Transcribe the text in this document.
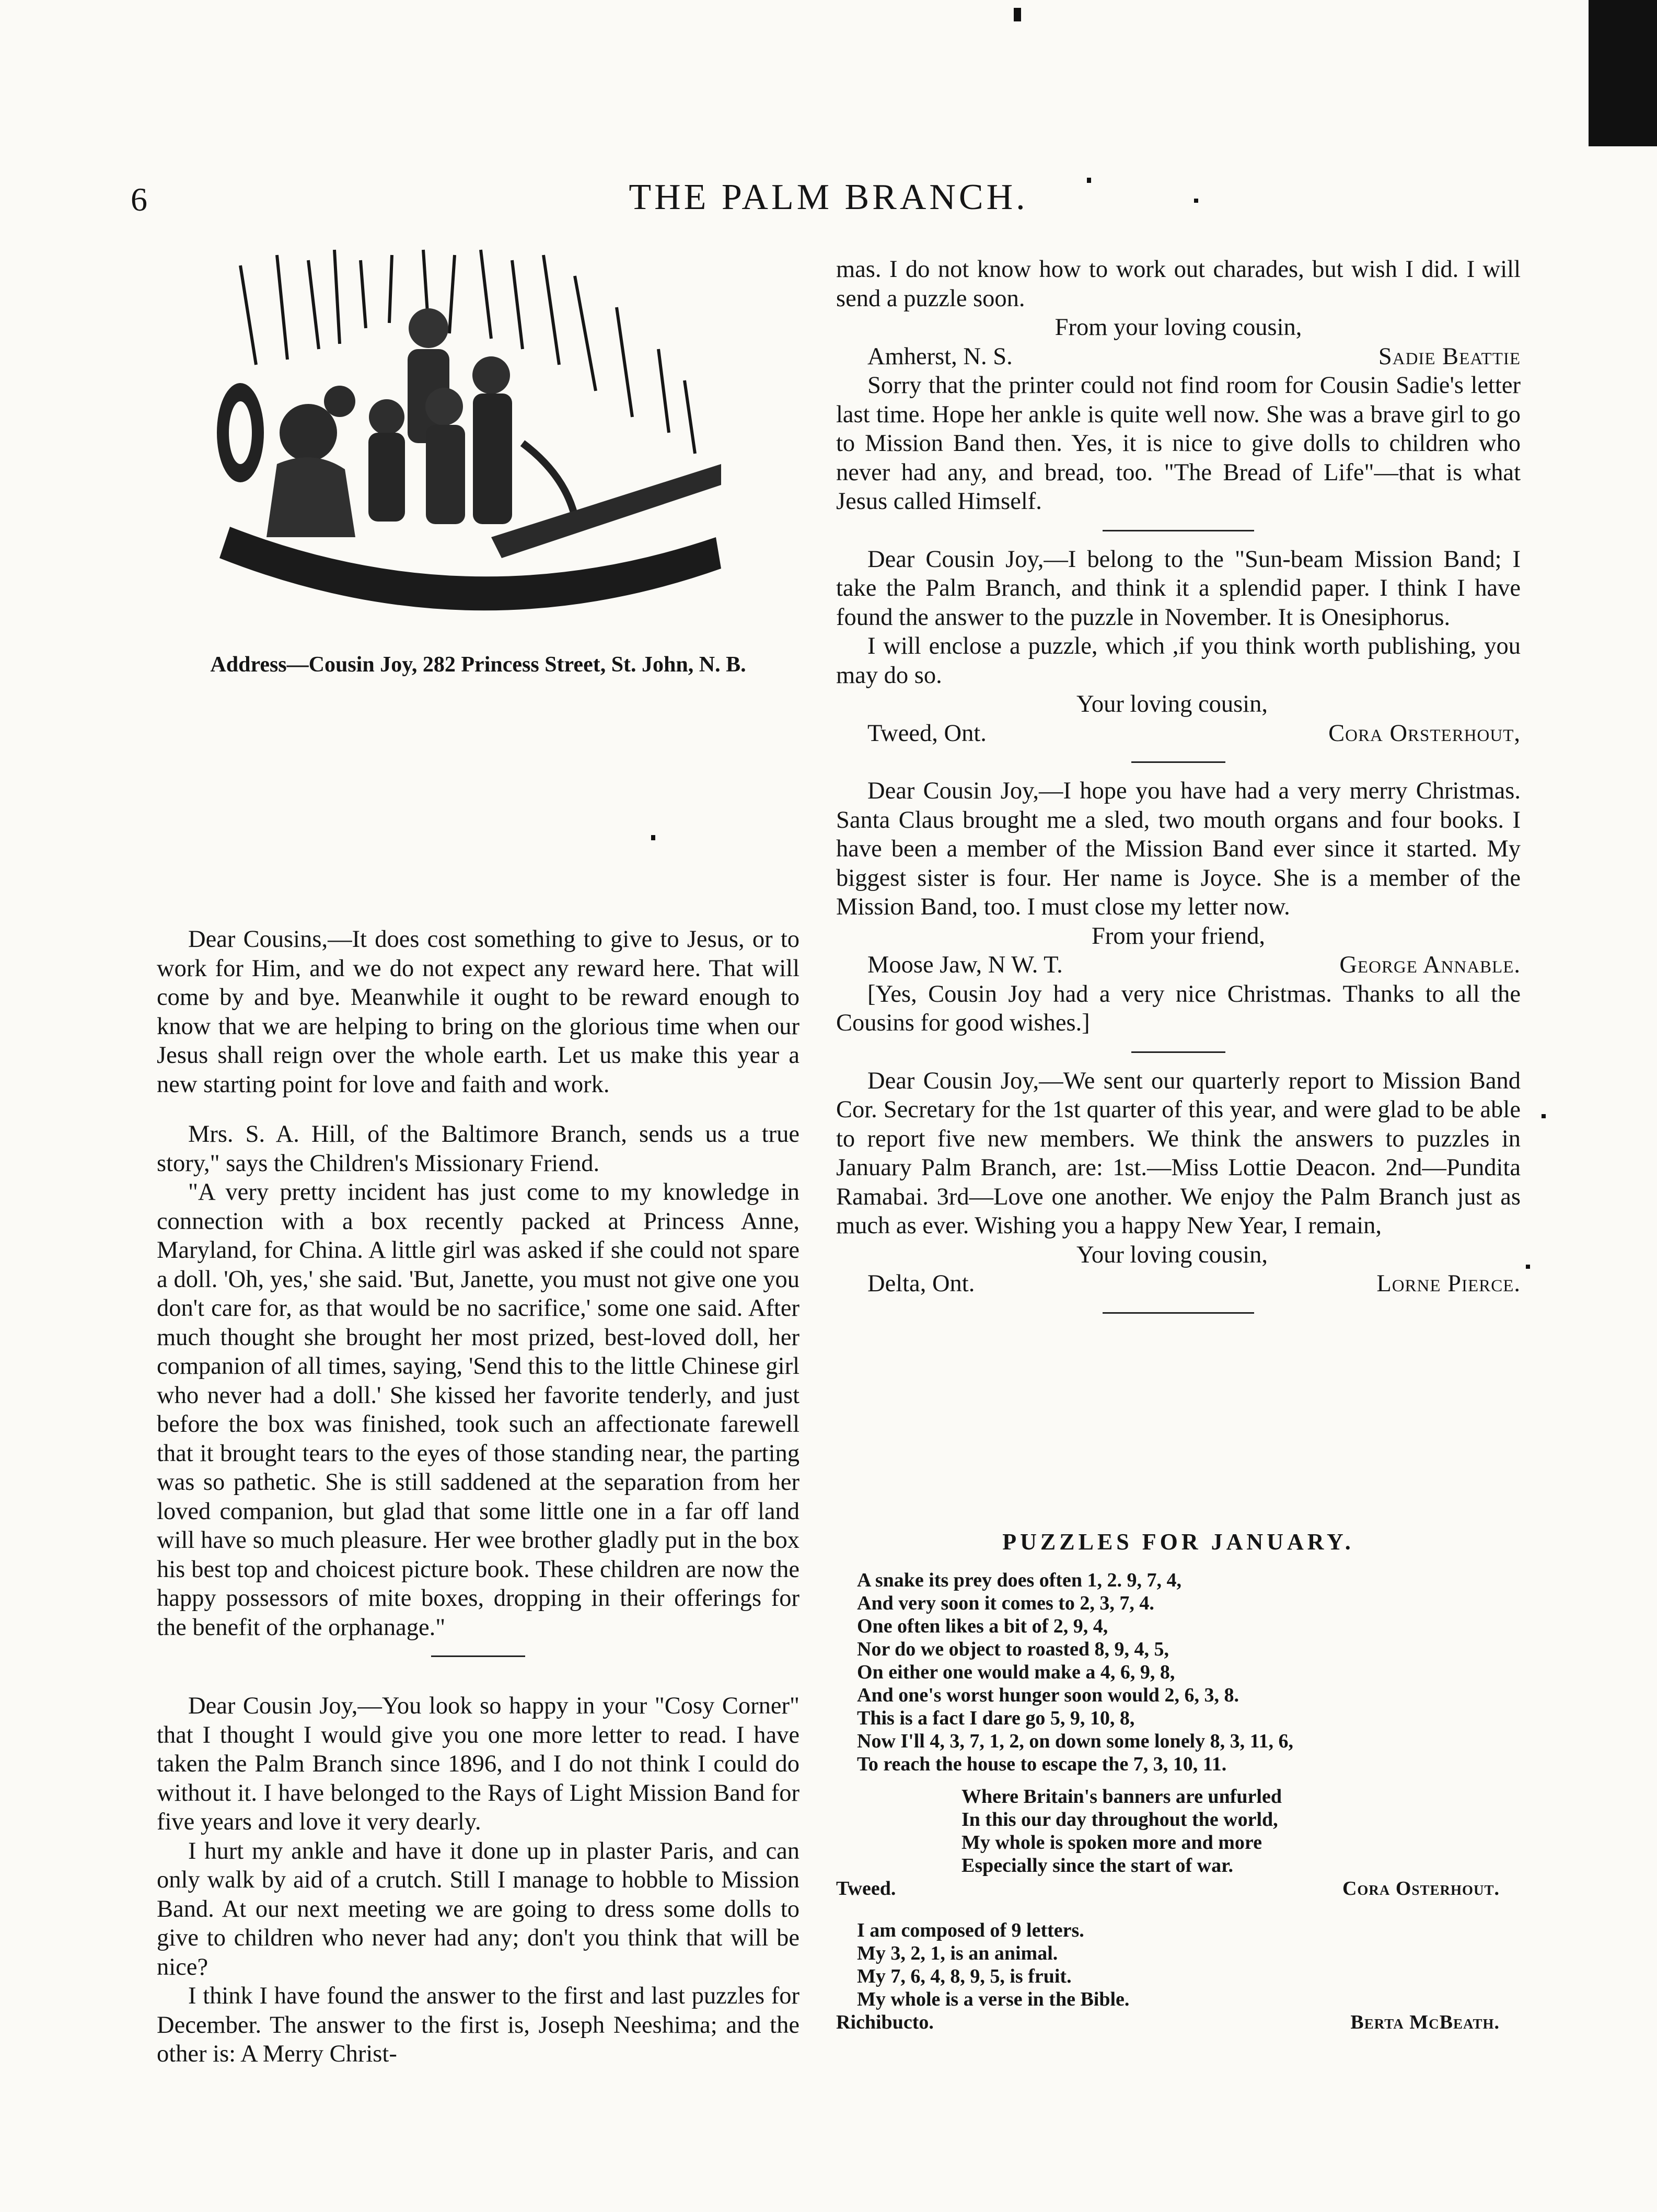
6	THE PALM BRANCH.
Address—Cousin Joy, 282 Princess Street, St. John, N. B.

Dear Cousins,—It does cost something to give to Jesus, or to work for Him, and we do not expect any reward here. That will come by and bye. Meanwhile it ought to be reward enough to know that we are helping to bring on the glorious time when our Jesus shall reign over the whole earth. Let us make this year a new starting point for love and faith and work.

Mrs. S. A. Hill, of the Baltimore Branch, sends us a true story," says the Children's Missionary Friend.

"A very pretty incident has just come to my knowledge in connection with a box recently packed at Princess Anne, Maryland, for China. A little girl was asked if she could not spare a doll. 'Oh, yes,' she said. 'But, Janette, you must not give one you don't care for, as that would be no sacrifice,' some one said. After much thought she brought her most prized, best-loved doll, her companion of all times, saying, 'Send this to the little Chinese girl who never had a doll.' She kissed her favorite tenderly, and just before the box was finished, took such an affectionate farewell that it brought tears to the eyes of those standing near, the parting was so pathetic. She is still saddened at the separation from her loved companion, but glad that some little one in a far off land will have so much pleasure. Her wee brother gladly put in the box his best top and choicest picture book. These children are now the happy possessors of mite boxes, dropping in their offerings for the benefit of the orphanage."

Dear Cousin Joy,—You look so happy in your "Cosy Corner" that I thought I would give you one more letter to read. I have taken the Palm Branch since 1896, and I do not think I could do without it. I have belonged to the Rays of Light Mission Band for five years and love it very dearly.

I hurt my ankle and have it done up in plaster Paris, and can only walk by aid of a crutch. Still I manage to hobble to Mission Band. At our next meeting we are going to dress some dolls to give to children who never had any; don't you think that will be nice?

I think I have found the answer to the first and last puzzles for December. The answer to the first is, Joseph Neeshima; and the other is: A Merry Christ-

mas. I do not know how to work out charades, but wish I did. I will send a puzzle soon.

From your loving cousin,

Amherst, N. S.	Sadie Beattie

Sorry that the printer could not find room for Cousin Sadie's letter last time. Hope her ankle is quite well now. She was a brave girl to go to Mission Band then. Yes, it is nice to give dolls to children who never had any, and bread, too. "The Bread of Life"—that is what Jesus called Himself.

Dear Cousin Joy,—I belong to the "Sun-beam Mission Band; I take the Palm Branch, and think it a splendid paper. I think I have found the answer to the puzzle in November. It is Onesiphorus.

I will enclose a puzzle, which ,if you think worth publishing, you may do so.

Your loving cousin,

Tweed, Ont.	Cora Orsterhout,

Dear Cousin Joy,—I hope you have had a very merry Christmas. Santa Claus brought me a sled, two mouth organs and four books. I have been a member of the Mission Band ever since it started. My biggest sister is four. Her name is Joyce. She is a member of the Mission Band, too. I must close my letter now.

From your friend,

Moose Jaw, N W. T.	George Annable.

[Yes, Cousin Joy had a very nice Christmas. Thanks to all the Cousins for good wishes.]

Dear Cousin Joy,—We sent our quarterly report to Mission Band Cor. Secretary for the 1st quarter of this year, and were glad to be able to report five new members. We think the answers to puzzles in January Palm Branch, are: 1st.—Miss Lottie Deacon. 2nd—Pundita Ramabai. 3rd—Love one another. We enjoy the Palm Branch just as much as ever. Wishing you a happy New Year, I remain,

Your loving cousin,

Delta, Ont.	Lorne Pierce.

PUZZLES FOR JANUARY.
A snake its prey does often 1, 2. 9, 7, 4,
And very soon it comes to 2, 3, 7, 4.
One often likes a bit of 2, 9, 4,
Nor do we object to roasted 8, 9, 4, 5,
On either one would make a 4, 6, 9, 8,
And one's worst hunger soon would 2, 6, 3, 8.
This is a fact I dare go 5, 9, 10, 8,
Now I'll 4, 3, 7, 1, 2, on down some lonely 8, 3, 11, 6,
To reach the house to escape the 7, 3, 10, 11.
Where Britain's banners are unfurled
In this our day throughout the world,
My whole is spoken more and more
Especially since the start of war.
Tweed.	Cora Osterhout.
I am composed of 9 letters.
My 3, 2, 1, is an animal.
My 7, 6, 4, 8, 9, 5, is fruit.
My whole is a verse in the Bible.
Richibucto.	Berta McBeath.
